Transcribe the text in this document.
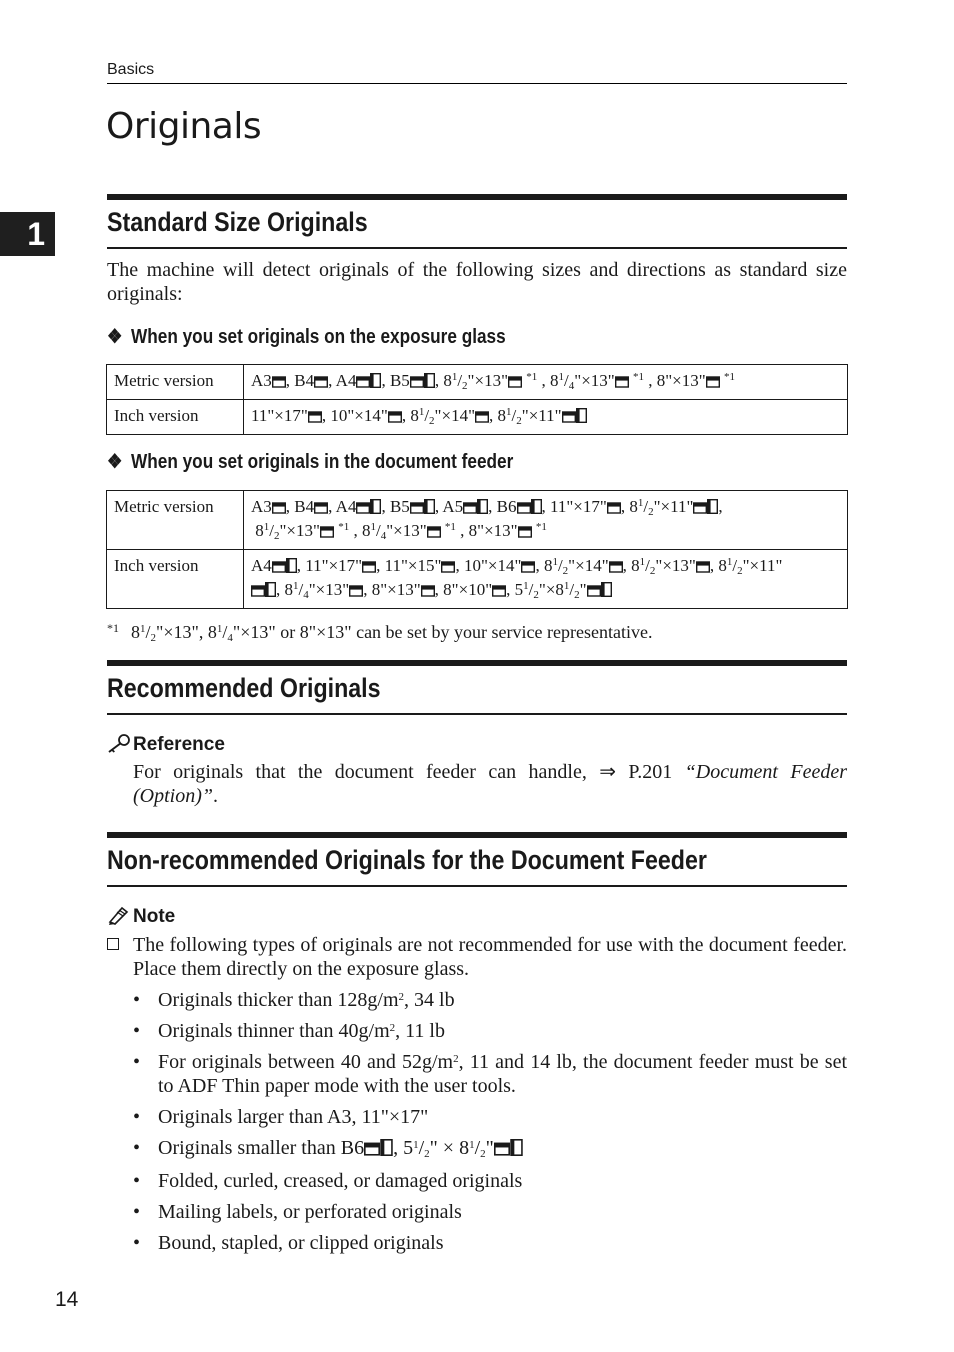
Basics
Originals
1	Standard Size Originals
The machine will detect originals of the following sizes and directions as standard size originals:
❖ When you set originals on the exposure glass
Metric version	A3 , B4 , A4 , B5 , $8^1/_2"\times 13$" $^{*1}$ , $8^1/_4"\times 13$" $^{*1}$ , 8"×13" $^{*1}$
Inch version	11"×17" , 10"×14" , $8^1/_2"\times 14$" , $8^1/_2"\times 11$"
❖ When you set originals in the document feeder
Metric version	A3 , B4 , A4 , B5 , A5 , B6 , 11"×17" , $8^1/_2"\times 11$" ,
$8^1/_2"\times 13$" $^{*1}$ , $8^1/_4"\times 13$" $^{*1}$ , 8"×13" $^{*1}$
Inch version	A4 , 11"×17" , 11"×15" , 10"×14" , $8^1/_2"\times 14$" , $8^1/_2"\times 13$" , $8^1/_2"\times 11$"
, $8^1/_4"\times 13$" , 8"×13" , 8"×10" , $5^1/_2"\times 8^1/_2$"
$^{*1}$ $8^1/_2"\times 13$", $8^1/_4"\times 13$" or 8"×13" can be set by your service representative.
Recommended Originals
Reference
For originals that the document feeder can handle, ⇒ P.201 “Document Feeder (Option)”.
Non-recommended Originals for the Document Feeder
Note
The following types of originals are not recommended for use with the document feeder. Place them directly on the exposure glass.
• Originals thicker than $128g/m^2$, 34 lb
• Originals thinner than $40g/m^2$, 11 lb
• For originals between 40 and $52g/m^2$, 11 and 14 lb, the document feeder must be set to ADF Thin paper mode with the user tools.
• Originals larger than A3, 11"×17"
• Originals smaller than B6 , $5^1/_2$" × $8^1/_2$"
• Folded, curled, creased, or damaged originals
• Mailing labels, or perforated originals
• Bound, stapled, or clipped originals
14
